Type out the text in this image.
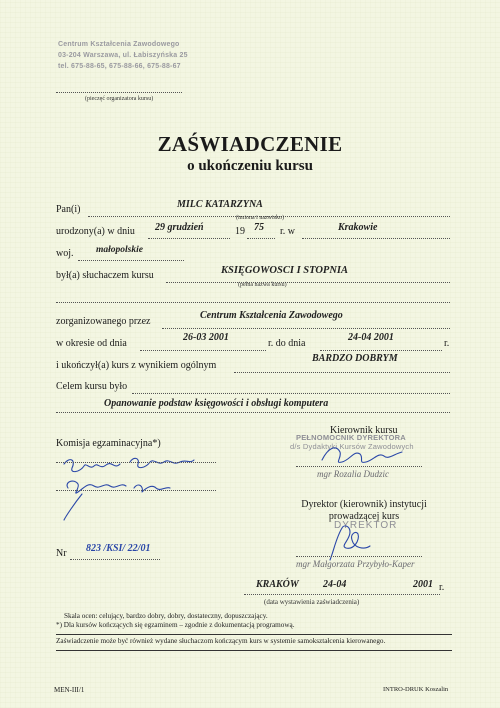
Centrum Kształcenia Zawodowego
03-204 Warszawa, ul. Łabiszyńska 25
tel. 675-88-65, 675-88-66, 675-88-67
(pieczęć organizatora kursu)
ZAŚWIADCZENIE
o ukończeniu kursu
Pan(i)	MILC KATARZYNA
(imiona i nazwisko)
urodzony(a) w dniu 29 grudzień	19 75 r. w	Krakowie
woj. małopolskie
był(a) słuchaczem kursu	KSIĘGOWOSCI I STOPNIA
(pełna nazwa kursu)
zorganizowanego przez
Centrum Kształcenia Zawodowego
w okresie od dnia
26-03 2001
r. do dnia
24-04 2001
r.
i ukończył(a) kurs z wynikiem ogólnym
BARDZO DOBRYM
Celem kursu było
Opanowanie podstaw księgowości i obsługi komputera
Komisja egzaminacyjna*)
Kierownik kursu
PEŁNOMOCNIK DYREKTORA
d/s Dydaktyki Kursów Zawodowych
mgr Rozalia Dudzic
Dyrektor (kierownik) instytucji
prowadzącej kurs
DYREKTOR
mgr Małgorzata Przybyło-Kaper
Nr 823 /KSI/ 22/01
KRAKÓW 24-04	2001 r.
(data wystawienia zaświadczenia)
Skala ocen: celujący, bardzo dobry, dobry, dostateczny, dopuszczający.
*) Dla kursów kończących się egzaminem – zgodnie z dokumentacją programową.
Zaświadczenie może być również wydane słuchaczom kończącym kurs w systemie samokształcenia kierowanego.
MEN-III/1	INTRO-DRUK Koszalin
